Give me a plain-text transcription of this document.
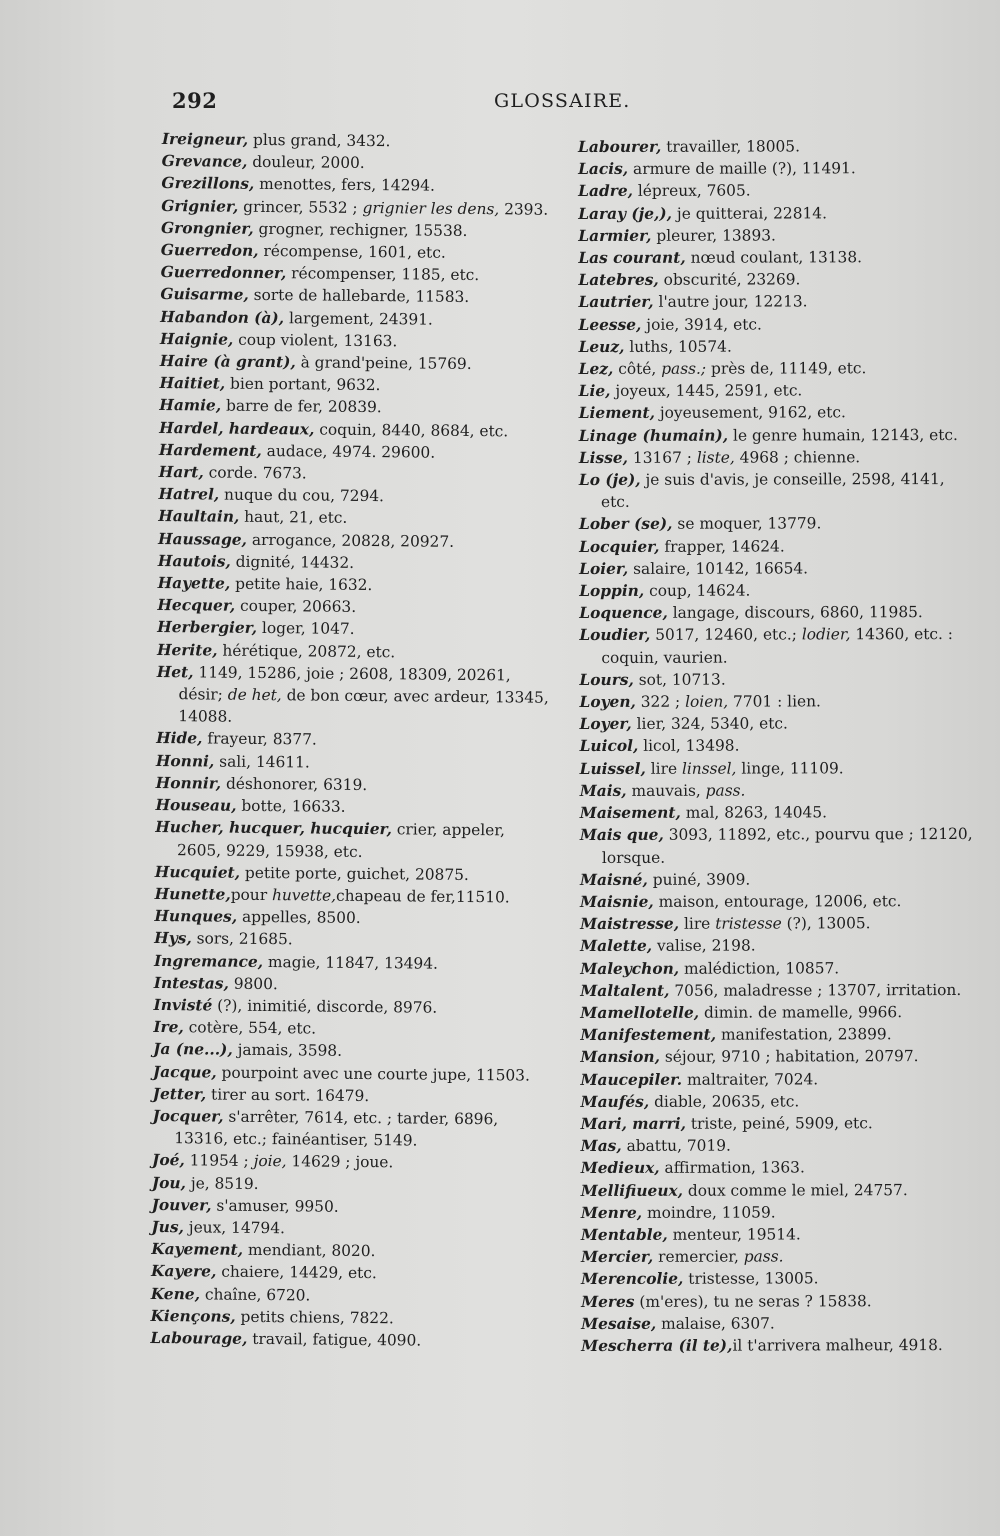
292	GLOSSAIRE.

Ireigneur, plus grand, 3432.

Grevance, douleur, 2000.

Grezillons, menottes, fers, 14294.

Grignier, grincer, 5532 ; grignier les dens, 2393.

Grongnier, grogner, rechigner, 15538.

Guerredon, récompense, 1601, etc.

Guerredonner, récompenser, 1185, etc.

Guisarme, sorte de hallebarde, 11583.

Habandon (à), largement, 24391.

Haignie, coup violent, 13163.

Haire (à grant), à grand'peine, 15769.

Haitiet, bien portant, 9632.

Hamie, barre de fer, 20839.

Hardel, hardeaux, coquin, 8440, 8684, etc.

Hardement, audace, 4974. 29600.

Hart, corde. 7673.

Hatrel, nuque du cou, 7294.

Haultain, haut, 21, etc.

Haussage, arrogance, 20828, 20927.

Hautois, dignité, 14432.

Hayette, petite haie, 1632.

Hecquer, couper, 20663.

Herbergier, loger, 1047.

Herite, hérétique, 20872, etc.

Het, 1149, 15286, joie ; 2608, 18309, 20261, désir; de het, de bon cœur, avec ardeur, 13345, 14088.

Hide, frayeur, 8377.

Honni, sali, 14611.

Honnir, déshonorer, 6319.

Houseau, botte, 16633.

Hucher, hucquer, hucquier, crier, appeler, 2605, 9229, 15938, etc.

Hucquiet, petite porte, guichet, 20875.

Hunette,pour huvette,chapeau de fer,11510.

Hunques, appelles, 8500.

Hys, sors, 21685.

Ingremance, magie, 11847, 13494.

Intestas, 9800.

Invisté (?), inimitié, discorde, 8976.

Ire, cotère, 554, etc.

Ja (ne...), jamais, 3598.

Jacque, pourpoint avec une courte jupe, 11503.

Jetter, tirer au sort. 16479.

Jocquer, s'arrêter, 7614, etc. ; tarder, 6896, 13316, etc.; fainéantiser, 5149.

Joé, 11954 ; joie, 14629 ; joue.

Jou, je, 8519.

Jouver, s'amuser, 9950.

Jus, jeux, 14794.

Kayement, mendiant, 8020.

Kayere, chaiere, 14429, etc.

Kene, chaîne, 6720.

Kiençons, petits chiens, 7822.

Labourage, travail, fatigue, 4090.

Labourer, travailler, 18005.

Lacis, armure de maille (?), 11491.

Ladre, lépreux, 7605.

Laray (je,), je quitterai, 22814.

Larmier, pleurer, 13893.

Las courant, nœud coulant, 13138.

Latebres, obscurité, 23269.

Lautrier, l'autre jour, 12213.

Leesse, joie, 3914, etc.

Leuz, luths, 10574.

Lez, côté, pass.; près de, 11149, etc.

Lie, joyeux, 1445, 2591, etc.

Liement, joyeusement, 9162, etc.

Linage (humain), le genre humain, 12143, etc.

Lisse, 13167 ; liste, 4968 ; chienne.

Lo (je), je suis d'avis, je conseille, 2598, 4141, etc.

Lober (se), se moquer, 13779.

Locquier, frapper, 14624.

Loier, salaire, 10142, 16654.

Loppin, coup, 14624.

Loquence, langage, discours, 6860, 11985.

Loudier, 5017, 12460, etc.; lodier, 14360, etc. : coquin, vaurien.

Lours, sot, 10713.

Loyen, 322 ; loien, 7701 : lien.

Loyer, lier, 324, 5340, etc.

Luicol, licol, 13498.

Luissel, lire linssel, linge, 11109.

Mais, mauvais, pass.

Maisement, mal, 8263, 14045.

Mais que, 3093, 11892, etc., pourvu que ; 12120, lorsque.

Maisné, puiné, 3909.

Maisnie, maison, entourage, 12006, etc.

Maistresse, lire tristesse (?), 13005.

Malette, valise, 2198.

Maleychon, malédiction, 10857.

Maltalent, 7056, maladresse ; 13707, irritation.

Mamellotelle, dimin. de mamelle, 9966.

Manifestement, manifestation, 23899.

Mansion, séjour, 9710 ; habitation, 20797.

Maucepiler. maltraiter, 7024.

Maufés, diable, 20635, etc.

Mari, marri, triste, peiné, 5909, etc.

Mas, abattu, 7019.

Medieux, affirmation, 1363.

Mellifiueux, doux comme le miel, 24757.

Menre, moindre, 11059.

Mentable, menteur, 19514.

Mercier, remercier, pass.

Merencolie, tristesse, 13005.

Meres (m'eres), tu ne seras ? 15838.

Mesaise, malaise, 6307.

Mescherra (il te),il t'arrivera malheur, 4918.
